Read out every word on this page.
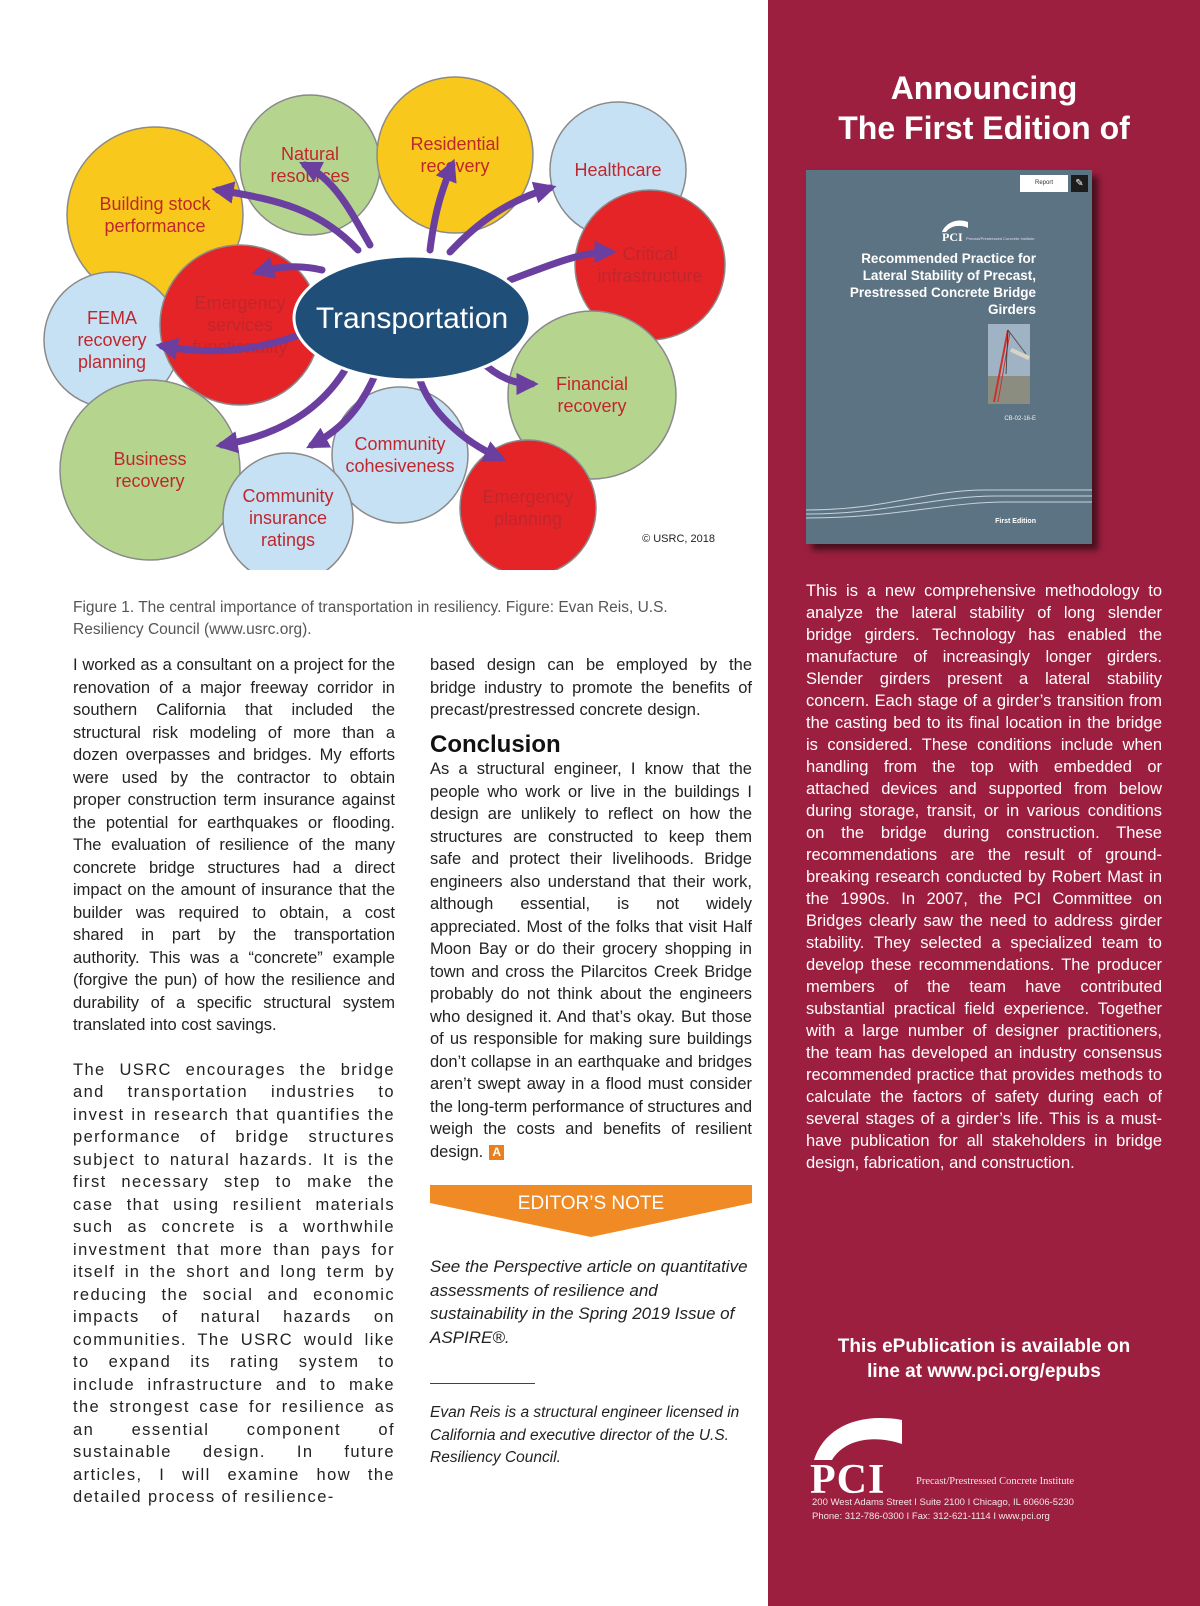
Natural
resources
Residential
recovery	Healthcare
Building stock
performance
Critical
infrastructure
FEMA
recovery
planning
Emergency
services
functionality
Financial
recovery
Community
cohesiveness
Business
recovery
Community
insurance
ratings
Emergency
planning
Transportation
© USRC, 2018
Figure 1. The central importance of transportation in resiliency. Figure: Evan Reis, U.S. Resiliency Council (www.usrc.org).

I worked as a consultant on a project for the renovation of a major freeway corridor in southern California that included the structural risk modeling of more than a dozen overpasses and bridges. My efforts were used by the contractor to obtain proper construction term insurance against the potential for earthquakes or flooding. The evaluation of resilience of the many concrete bridge structures had a direct impact on the amount of insurance that the builder was required to obtain, a cost shared in part by the transportation authority. This was a “concrete” example (forgive the pun) of how the resilience and durability of a specific structural system translated into cost savings.

The USRC encourages the bridge and transportation industries to invest in research that quantifies the performance of bridge structures subject to natural hazards. It is the first necessary step to make the case that using resilient materials such as concrete is a worthwhile investment that more than pays for itself in the short and long term by reducing the social and economic impacts of natural hazards on communities. The USRC would like to expand its rating system to include infrastructure and to make the strongest case for resilience as an essential component of sustainable design. In future articles, I will examine how the detailed process of resilience-

based design can be employed by the bridge industry to promote the benefits of precast/prestressed concrete design.

Conclusion

As a structural engineer, I know that the people who work or live in the buildings I design are unlikely to reflect on how the structures are constructed to keep them safe and protect their livelihoods. Bridge engineers also understand that their work, although essential, is not widely appreciated. Most of the folks that visit Half Moon Bay or do their grocery shopping in town and cross the Pilarcitos Creek Bridge probably do not think about the engineers who designed it. And that’s okay. But those of us responsible for making sure buildings don’t collapse in an earthquake and bridges aren’t swept away in a flood must consider the long-term performance of structures and weigh the costs and benefits of resilient design. A

EDITOR’S NOTE
See the Perspective article on quantitative assessments of resilience and sustainability in the Spring 2019 Issue of ASPIRE®.
Evan Reis is a structural engineer licensed in California and executive director of the U.S. Resiliency Council.
Announcing
The First Edition of
Report	✎
PCI Precast/Prestressed Concrete Institute
Recommended Practice for Lateral Stability of Precast, Prestressed Concrete Bridge Girders
CB-02-16-E
First Edition
This is a new comprehensive methodology to analyze the lateral stability of long slender bridge girders. Technology has enabled the manufacture of increasingly longer girders. Slender girders present a lateral stability concern. Each stage of a girder’s transition from the casting bed to its final location in the bridge is considered. These conditions include when handling from the top with embedded or attached devices and supported from below during storage, transit, or in various conditions on the bridge during construction. These recommendations are the result of ground-breaking research conducted by Robert Mast in the 1990s. In 2007, the PCI Committee on Bridges clearly saw the need to address girder stability. They selected a specialized team to develop these recommendations. The producer members of the team have contributed substantial practical field experience. Together with a large number of designer practitioners, the team has developed an industry consensus recommended practice that provides methods to calculate the factors of safety during each of several stages of a girder’s life. This is a must-have publication for all stakeholders in bridge design, fabrication, and construction.
This ePublication is available on
line at www.pci.org/epubs
PCI	Precast/Prestressed Concrete Institute
200 West Adams Street I Suite 2100 I Chicago, IL 60606-5230
Phone: 312-786-0300 I Fax: 312-621-1114 I www.pci.org
